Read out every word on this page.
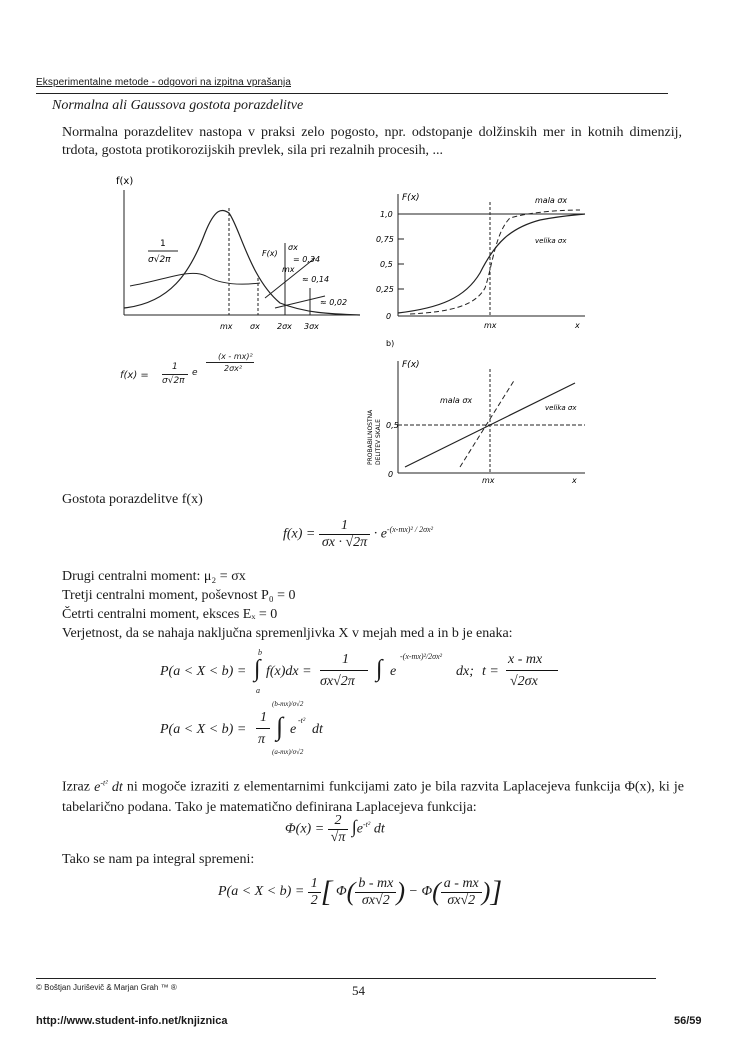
Eksperimentalne metode - odgovori na izpitna vprašanja
Normalna ali Gaussova gostota porazdelitve
Normalna porazdelitev nastopa v praksi zelo pogosto, npr. odstopanje dolžinskih mer in kotnih dimenzij, trdota, gostota protikorozijskih prevlek, sila pri rezalnih procesih, ...
f(x)
1
σ√2π
F(x)
σx
= 0,34
mx
≈ 0,14
≈ 0,02
mx σx 2σx 3σx
f(x) =
1
σ√2π
e
(x - mx)²
2σx²
F(x)
1,0
0,75
0,5
0,25
0
mala σx
velika σx
mx	x
b)
F(x)
0,5
0
mala σx
velika σx
mx	x
PROBABILNOSTNA DELITEV SKALE
Gostota porazdelitve f(x)
$f(x) = \frac{1}{\sigma x \cdot √2\pi} \cdot e^{-(x-mx)^2 / 2\sigma x^2}$
Drugi centralni moment: μ₂ = σx
Tretji centralni moment, poševnost P₀ = 0
Četrti centralni moment, eksces Eₓ = 0
Verjetnost, da se nahaja naključna spremenljivka X v mejah med a in b je enaka:
P(a < X < b) =
b
∫
a
f(x)dx =
1
σx√2π ∫ e
-(x-mx)²/2σx²
dx; t =
x - mx
√2σx
P(a < X < b) =
1
π
(b-mx)/σ√2
∫
(a-mx)/σ√2
e
-t²
dt
Izraz $e^{-t^2}$ dt ni mogoče izraziti z elementarnimi funkcijami zato je bila razvita Laplacejeva funkcija Φ(x), ki je tabelarično podana. Tako je matematično definirana Laplacejeva funkcija:
$\Phi(x) = \frac{2}{√\pi} \int e^{-t^2}$ dt
Tako se nam pa integral spremeni:
$P(a < X < b) = \frac{1}{2}$ [ $\Phi( \frac{b - mx}{\sigma x√2}$ ) − $\Phi( \frac{a - mx}{\sigma x√2}$ )]
© Boštjan Juriševič & Marjan Grah ™ ®	54
http://www.student-info.net/knjiznica	56/59
